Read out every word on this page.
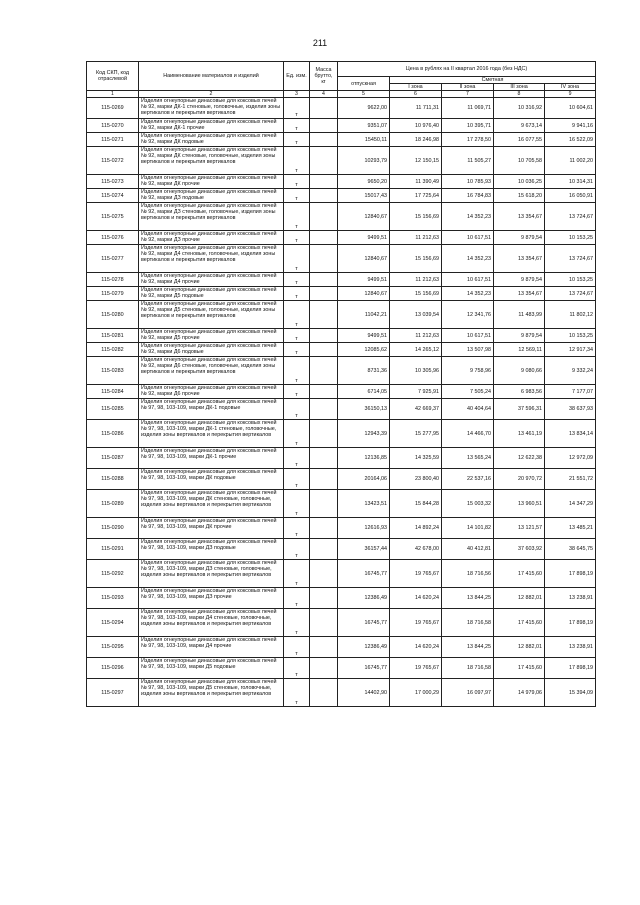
211
Код СКП, код отраслевой	Наименование материалов и изделий	Ед. изм.	Масса брутто, кг	Цена в рублях на II квартал 2016 года (без НДС)				
				отпускная	Сметная			
					I зона	II зона	III зона	IV зона
1	2	3	4	5	6	7	8	9
115-0269	Изделия огнеупорные динасовые для коксовых печей № 92, марки ДК-1 стеновые, головочные, изделия зоны вертикалов и перекрытия вертикалов	т		9622,00	11 711,31	11 069,71	10 316,92	10 604,61
115-0270	Изделия огнеупорные динасовые для коксовых печей № 92, марки ДК-1 прочие	т		9351,07	10 976,40	10 395,71	9 673,14	9 941,16
115-0271	Изделия огнеупорные динасовые для коксовых печей № 92, марки ДК подовые	т		15450,11	18 246,98	17 278,50	16 077,55	16 522,09
115-0272	Изделия огнеупорные динасовые для коксовых печей № 92, марки ДК стеновые, головочные, изделия зоны вертикалов и перекрытия вертикалов	т		10293,79	12 150,15	11 505,27	10 705,58	11 002,20
115-0273	Изделия огнеупорные динасовые для коксовых печей № 92, марки ДК прочие	т		9650,20	11 390,49	10 785,93	10 036,25	10 314,31
115-0274	Изделия огнеупорные динасовые для коксовых печей № 92, марки ДЗ подовые	т		15017,43	17 725,64	16 784,83	15 618,20	16 050,91
115-0275	Изделия огнеупорные динасовые для коксовых печей № 92, марки ДЗ стеновые, головочные, изделия зоны вертикалов и перекрытия вертикалов	т		12840,67	15 156,69	14 352,23	13 354,67	13 724,67
115-0276	Изделия огнеупорные динасовые для коксовых печей № 92, марки ДЗ прочие	т		9499,51	11 212,63	10 617,51	9 879,54	10 153,25
115-0277	Изделия огнеупорные динасовые для коксовых печей № 92, марки Д4 стеновые, головочные, изделия зоны вертикалов и перекрытия вертикалов	т		12840,67	15 156,69	14 352,23	13 354,67	13 724,67
115-0278	Изделия огнеупорные динасовые для коксовых печей № 92, марки Д4 прочие	т		9499,51	11 212,63	10 617,51	9 879,54	10 153,25
115-0279	Изделия огнеупорные динасовые для коксовых печей № 92, марки Д5 подовые	т		12840,67	15 156,69	14 352,23	13 354,67	13 724,67
115-0280	Изделия огнеупорные динасовые для коксовых печей № 92, марки Д5 стеновые, головочные, изделия зоны вертикалов и перекрытия вертикалов	т		11042,21	13 039,54	12 341,76	11 483,99	11 802,12
115-0281	Изделия огнеупорные динасовые для коксовых печей № 92, марки Д5 прочие	т		9499,51	11 212,63	10 617,51	9 879,54	10 153,25
115-0282	Изделия огнеупорные динасовые для коксовых печей № 92, марки Д6 подовые	т		12085,62	14 265,12	13 507,98	12 569,11	12 917,34
115-0283	Изделия огнеупорные динасовые для коксовых печей № 92, марки Д6 стеновые, головочные, изделия зоны вертикалов и перекрытия вертикалов	т		8731,36	10 305,96	9 758,96	9 080,66	9 332,24
115-0284	Изделия огнеупорные динасовые для коксовых печей № 92, марки Д6 прочие	т		6714,05	7 925,91	7 505,24	6 983,56	7 177,07
115-0285	Изделия огнеупорные динасовые для коксовых печей № 97, 98, 103-109, марки ДК-1 подовые	т		36150,13	42 669,37	40 404,64	37 596,31	38 637,93
115-0286	Изделия огнеупорные динасовые для коксовых печей № 97, 98, 103-109, марки ДК-1 стеновые, головочные, изделия зоны вертикалов и перекрытия вертикалов	т		12943,39	15 277,95	14 466,70	13 461,19	13 834,14
115-0287	Изделия огнеупорные динасовые для коксовых печей № 97, 98, 103-109, марки ДК-1 прочие	т		12136,85	14 325,59	13 565,24	12 622,38	12 972,09
115-0288	Изделия огнеупорные динасовые для коксовых печей № 97, 98, 103-109, марки ДК подовые	т		20164,06	23 800,40	22 537,16	20 970,72	21 551,72
115-0289	Изделия огнеупорные динасовые для коксовых печей № 97, 98, 103-109, марки ДК стеновые, головочные, изделия зоны вертикалов и перекрытия вертикалов	т		13423,51	15 844,28	15 003,32	13 960,51	14 347,29
115-0290	Изделия огнеупорные динасовые для коксовых печей № 97, 98, 103-109, марки ДК прочие	т		12616,93	14 892,24	14 101,82	13 121,57	13 485,21
115-0291	Изделия огнеупорные динасовые для коксовых печей № 97, 98, 103-109, марки ДЗ подовые	т		36157,44	42 678,00	40 412,81	37 603,92	38 645,75
115-0292	Изделия огнеупорные динасовые для коксовых печей № 97, 98, 103-109, марки ДЗ стеновые, головочные, изделия зоны вертикалов и перекрытия вертикалов	т		16745,77	19 765,67	18 716,56	17 415,60	17 898,19
115-0293	Изделия огнеупорные динасовые для коксовых печей № 97, 98, 103-109, марки ДЗ прочие	т		12386,49	14 620,24	13 844,25	12 882,01	13 238,91
115-0294	Изделия огнеупорные динасовые для коксовых печей № 97, 98, 103-109, марки Д4 стеновые, головочные, изделия зоны вертикалов и перекрытия вертикалов	т		16745,77	19 765,67	18 716,58	17 415,60	17 898,19
115-0295	Изделия огнеупорные динасовые для коксовых печей № 97, 98, 103-109, марки Д4 прочие	т		12386,49	14 620,24	13 844,25	12 882,01	13 238,91
115-0296	Изделия огнеупорные динасовые для коксовых печей № 97, 98, 103-109, марки Д5 подовые	т		16745,77	19 765,67	18 716,58	17 415,60	17 898,19
115-0297	Изделия огнеупорные динасовые для коксовых печей № 97, 98, 103-109, марки Д5 стеновые, головочные, изделия зоны вертикалов и перекрытия вертикалов	т		14402,90	17 000,29	16 097,97	14 979,06	15 394,09
